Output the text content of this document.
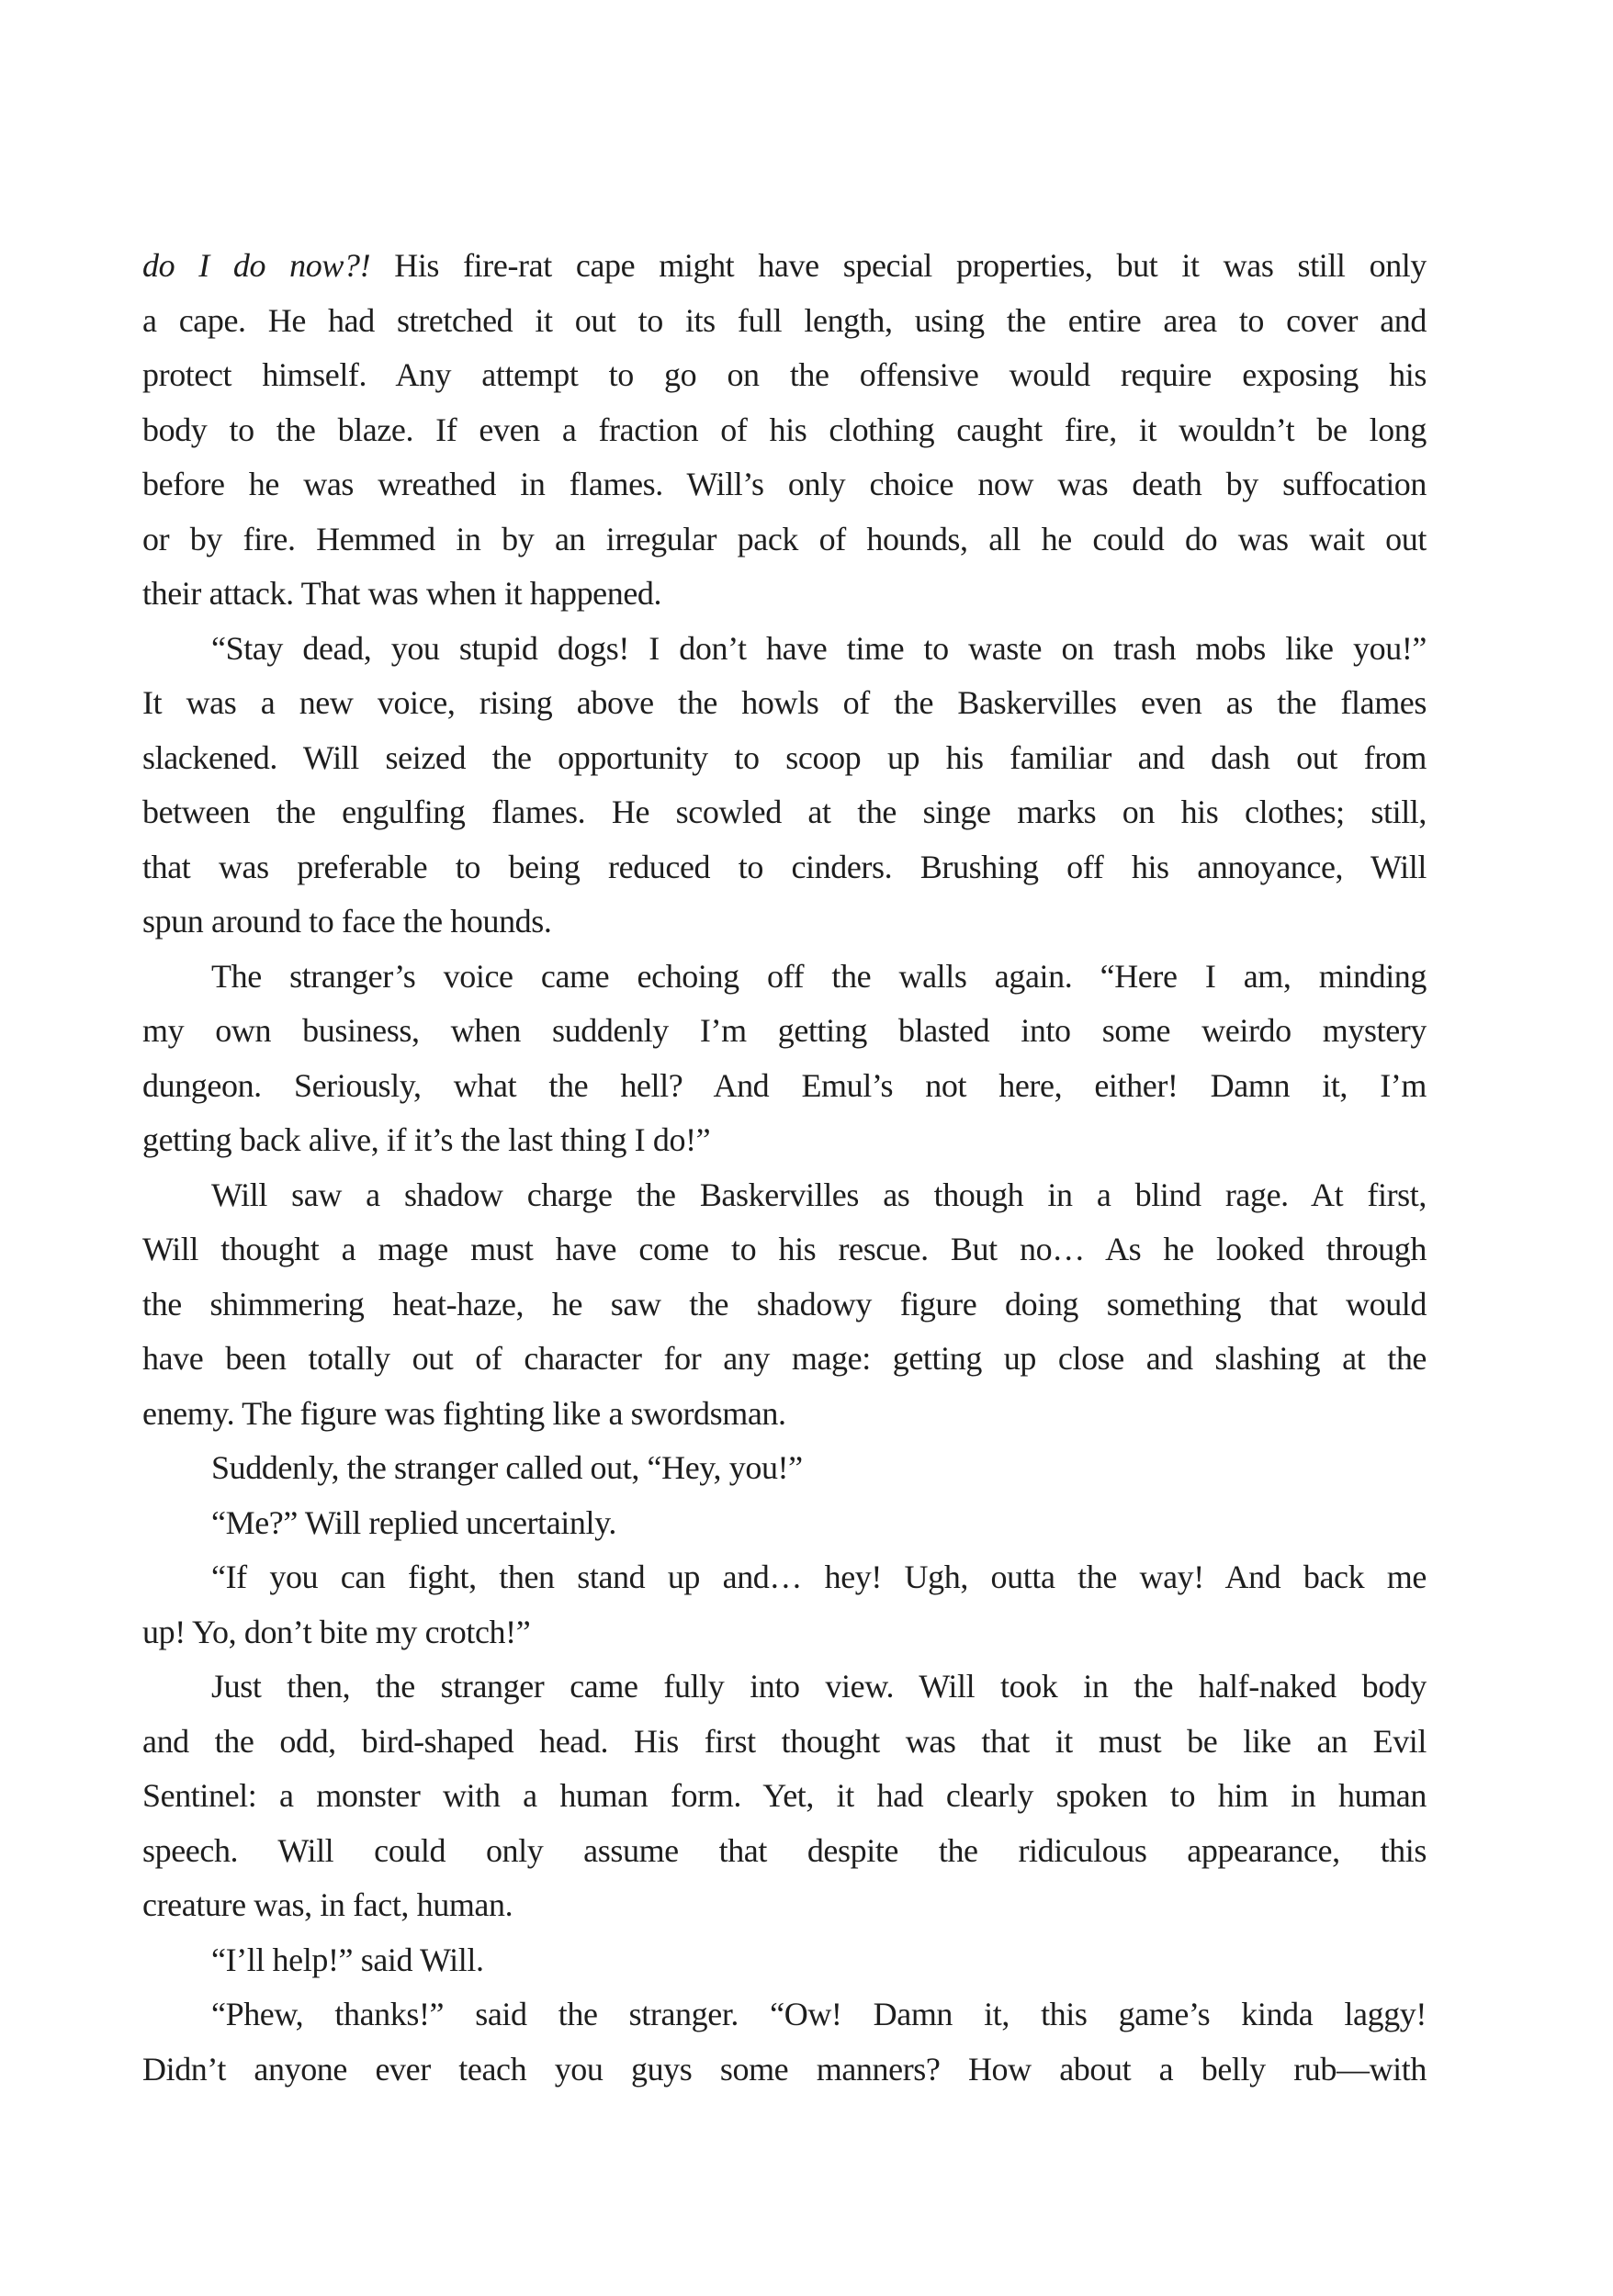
do I do now?! His fire-rat cape might have special properties, but it was still only
a cape. He had stretched it out to its full length, using the entire area to cover and
protect himself. Any attempt to go on the offensive would require exposing his
body to the blaze. If even a fraction of his clothing caught fire, it wouldn’t be long
before he was wreathed in flames. Will’s only choice now was death by suffocation
or by fire. Hemmed in by an irregular pack of hounds, all he could do was wait out
their attack. That was when it happened.
“Stay dead, you stupid dogs! I don’t have time to waste on trash mobs like you!”
It was a new voice, rising above the howls of the Baskervilles even as the flames
slackened. Will seized the opportunity to scoop up his familiar and dash out from
between the engulfing flames. He scowled at the singe marks on his clothes; still,
that was preferable to being reduced to cinders. Brushing off his annoyance, Will
spun around to face the hounds.
The stranger’s voice came echoing off the walls again. “Here I am, minding
my own business, when suddenly I’m getting blasted into some weirdo mystery
dungeon. Seriously, what the hell? And Emul’s not here, either! Damn it, I’m
getting back alive, if it’s the last thing I do!”
Will saw a shadow charge the Baskervilles as though in a blind rage. At first,
Will thought a mage must have come to his rescue. But no… As he looked through
the shimmering heat-haze, he saw the shadowy figure doing something that would
have been totally out of character for any mage: getting up close and slashing at the
enemy. The figure was fighting like a swordsman.
Suddenly, the stranger called out, “Hey, you!”
“Me?” Will replied uncertainly.
“If you can fight, then stand up and… hey! Ugh, outta the way! And back me
up! Yo, don’t bite my crotch!”
Just then, the stranger came fully into view. Will took in the half-naked body
and the odd, bird-shaped head. His first thought was that it must be like an Evil
Sentinel: a monster with a human form. Yet, it had clearly spoken to him in human
speech. Will could only assume that despite the ridiculous appearance, this
creature was, in fact, human.
“I’ll help!” said Will.
“Phew, thanks!” said the stranger. “Ow! Damn it, this game’s kinda laggy!
Didn’t anyone ever teach you guys some manners? How about a belly rub—with
